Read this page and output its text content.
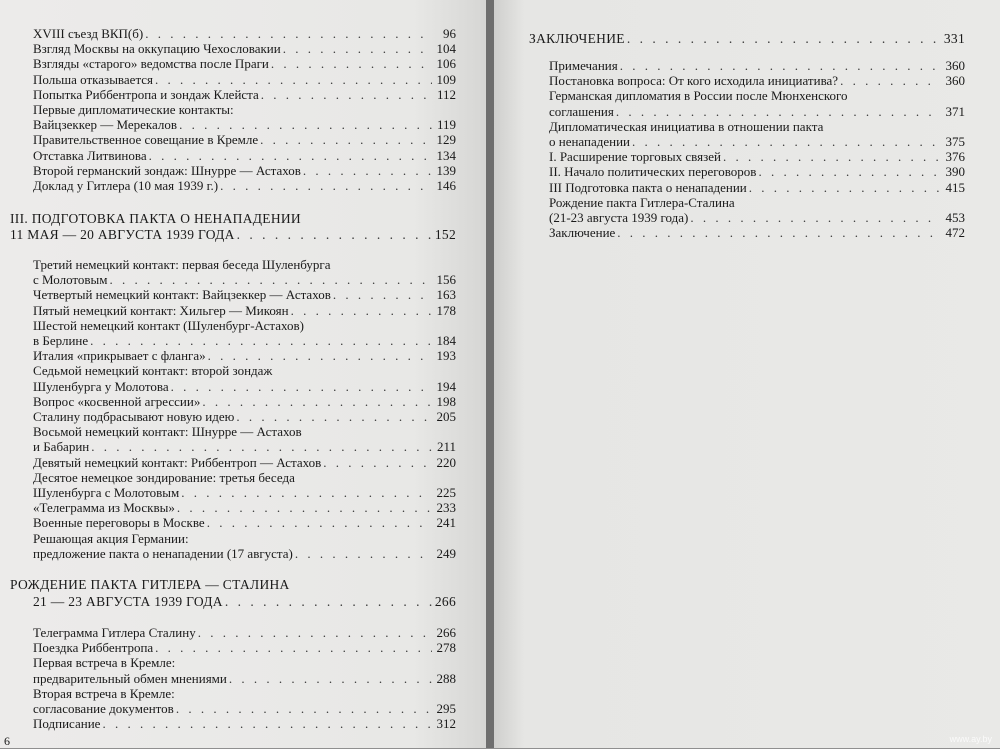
XVIII съезд ВКП(б) . . .	96
Взгляд Москвы на оккупацию Чехословакии . . .	104
Взгляды «старого» ведомства после Праги . . .	106
Польша отказывается . . .	109
Попытка Риббентропа и зондаж Клейста . . .	112
Первые дипломатические контакты:
Вайцзеккер — Мерекалов . . .	119
Правительственное совещание в Кремле . . .	129
Отставка Литвинова . . .	134
Второй германский зондаж: Шнурре — Астахов . . .	139
Доклад у Гитлера (10 мая 1939 г.) . . .	146
III. ПОДГОТОВКА ПАКТА О НЕНАПАДЕНИИ
11 МАЯ — 20 АВГУСТА 1939 ГОДА . . .	152
Третий немецкий контакт: первая беседа Шуленбурга
с Молотовым . . .	156
Четвертый немецкий контакт: Вайцзеккер — Астахов . . .	163
Пятый немецкий контакт: Хильгер — Микоян . . .	178
Шестой немецкий контакт (Шуленбург-Астахов)
в Берлине . . .	184
Италия «прикрывает с фланга» . . .	193
Седьмой немецкий контакт: второй зондаж
Шуленбурга у Молотова . . .	194
Вопрос «косвенной агрессии» . . .	198
Сталину подбрасывают новую идею . . .	205
Восьмой немецкий контакт: Шнурре — Астахов
и Бабарин . . .	211
Девятый немецкий контакт: Риббентроп — Астахов . . .	220
Десятое немецкое зондирование: третья беседа
Шуленбурга с Молотовым . . .	225
«Телеграмма из Москвы» . . .	233
Военные переговоры в Москве . . .	241
Решающая акция Германии:
предложение пакта о ненападении (17 августа) . . .	249
РОЖДЕНИЕ ПАКТА ГИТЛЕРА — СТАЛИНА
21 — 23 АВГУСТА 1939 ГОДА . . .	266
Телеграмма Гитлера Сталину . . .	266
Поездка Риббентропа . . .	278
Первая встреча в Кремле:
предварительный обмен мнениями . . .	288
Вторая встреча в Кремле:
согласование документов . . .	295
Подписание . . .	312
ЗАКЛЮЧЕНИЕ . . .	331
Примечания . . .	360
Постановка вопроса: От кого исходила инициатива? . . .	360
Германская дипломатия в России после Мюнхенского
соглашения . . .	371
Дипломатическая инициатива в отношении пакта
о ненападении . . .	375
I. Расширение торговых связей . . .	376
II. Начало политических переговоров . . .	390
III Подготовка пакта о ненападении . . .	415
Рождение пакта Гитлера-Сталина
(21-23 августа 1939 года) . . .	453
Заключение . . .	472
6	www.ay.by
